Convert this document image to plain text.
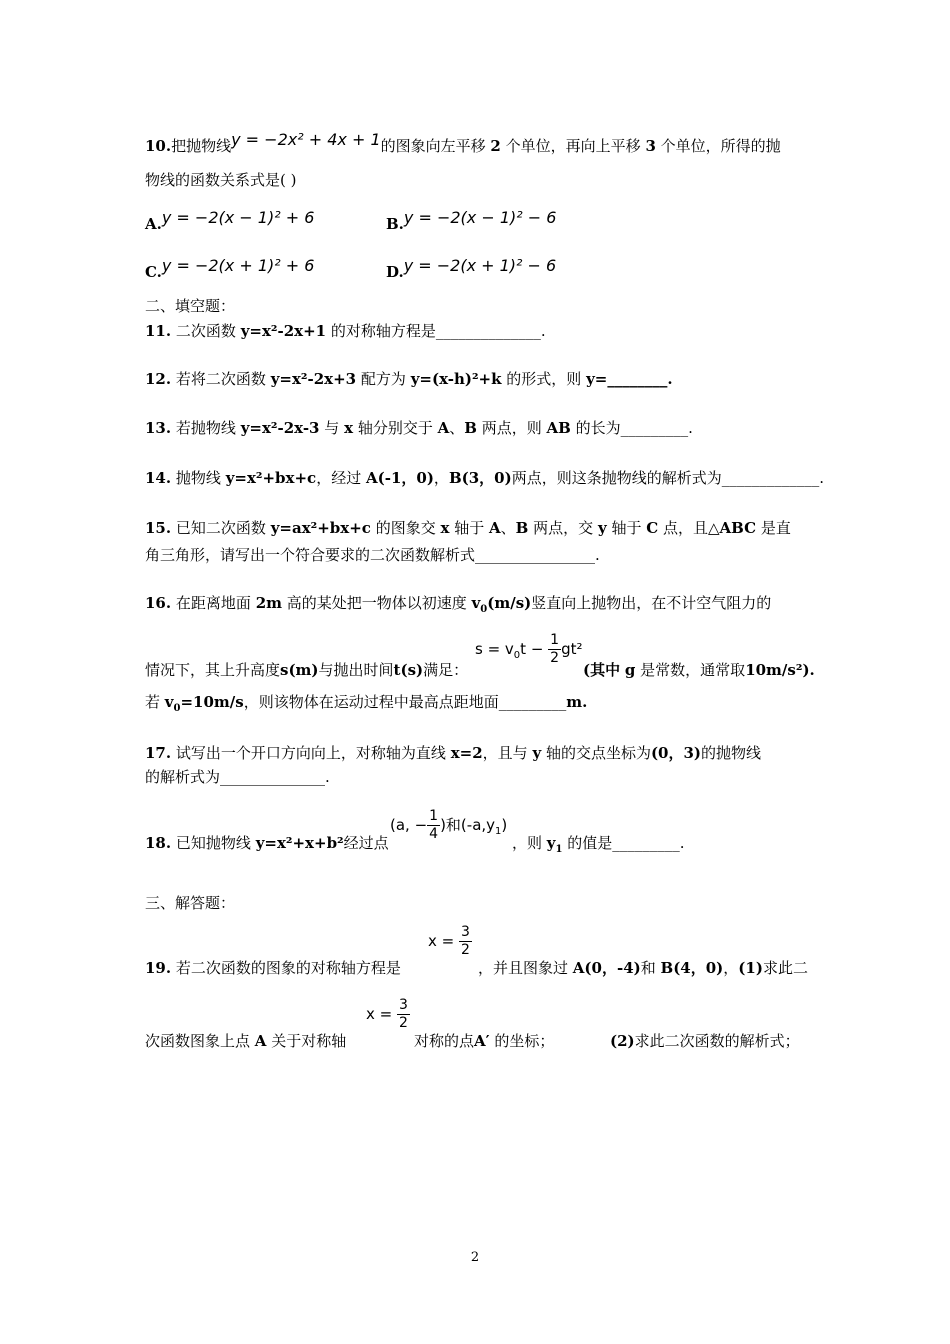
10.把抛物线y = −2x² + 4x + 1的图象向左平移 2 个单位，再向上平移 3 个单位，所得的抛
物线的函数关系式是( )
A.y = −2(x − 1)² + 6	B.y = −2(x − 1)² − 6
C.y = −2(x + 1)² + 6	D.y = −2(x + 1)² − 6
二、填空题：
11. 二次函数 y=x²-2x+1 的对称轴方程是______________.
12. 若将二次函数 y=x²-2x+3 配方为 y=(x-h)²+k 的形式，则 y=________.
13. 若抛物线 y=x²-2x-3 与 x 轴分别交于 A、B 两点，则 AB 的长为_________.
14. 抛物线 y=x²+bx+c，经过 A(-1，0)，B(3，0)两点，则这条抛物线的解析式为_____________.
15. 已知二次函数 y=ax²+bx+c 的图象交 x 轴于 A、B 两点，交 y 轴于 C 点，且△ABC 是直
角三角形，请写出一个符合要求的二次函数解析式________________.
16. 在距离地面 2m 高的某处把一物体以初速度 $v_0(m/s)$竖直向上抛物出，在不计空气阻力的
$s = v_0t - \frac{1}{2} gt^2$
情况下，其上升高度s(m)与抛出时间t(s)满足：	(其中 g 是常数，通常取10m/s²).
若 $v_0=10m/s$，则该物体在运动过程中最高点距地面_________m.
17. 试写出一个开口方向向上，对称轴为直线 x=2，且与 y 轴的交点坐标为(0，3)的抛物线
的解析式为______________.
(a, − $\frac{1}{4}$ )和$(-a,y_1)$
18. 已知抛物线 y=x²+x+b²经过点	，则 $y_1$ 的值是_________.
三、解答题：
$x = \frac{3}{2}$
19. 若二次函数的图象的对称轴方程是	，并且图象过 A(0，-4)和 B(4，0)，(1)求此二
$x = \frac{3}{2}$
次函数图象上点 A 关于对称轴	对称的点A′ 的坐标；	(2)求此二次函数的解析式；
2
